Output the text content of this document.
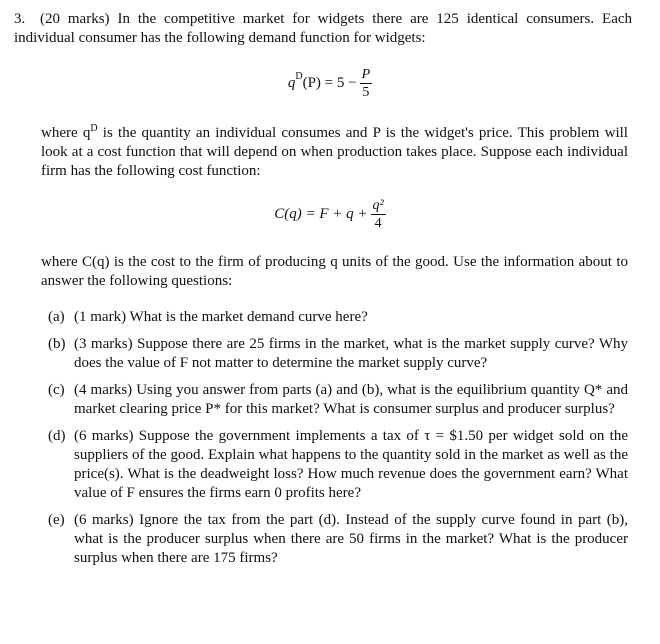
3. (20 marks) In the competitive market for widgets there are 125 identical consumers. Each individual consumer has the following demand function for widgets:

q D $(P) = 5 - \frac{P}{5}$

where $q^D$ is the quantity an individual consumes and P is the widget's price. This problem will look at a cost function that will depend on when production takes place. Suppose each individual firm has the following cost function:

$C(q) = F + q + \frac{\text{q²}}{4}$

where C(q) is the cost to the firm of producing q units of the good. Use the information about to answer the following questions:

(a) (1 mark) What is the market demand curve here?
(b) (3 marks) Suppose there are 25 firms in the market, what is the market supply curve? Why does the value of F not matter to determine the market supply curve?
(c) (4 marks) Using you answer from parts (a) and (b), what is the equilibrium quantity Q* and market clearing price P* for this market? What is consumer surplus and producer surplus?
(d) (6 marks) Suppose the government implements a tax of τ = $1.50 per widget sold on the suppliers of the good. Explain what happens to the quantity sold in the market as well as the price(s). What is the deadweight loss? How much revenue does the government earn? What value of F ensures the firms earn 0 profits here?
(e) (6 marks) Ignore the tax from the part (d). Instead of the supply curve found in part (b), what is the producer surplus when there are 50 firms in the market? What is the producer surplus when there are 175 firms?
